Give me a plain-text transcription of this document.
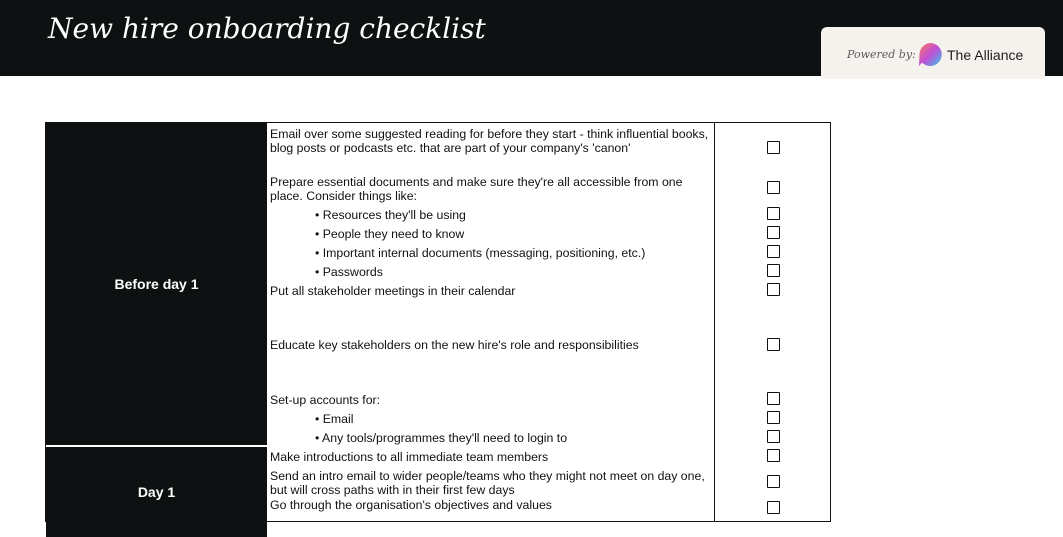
New hire onboarding checklist
Powered by: The Alliance
Before day 1
Day 1
Email over some suggested reading for before they start - think influential books, blog posts or podcasts etc. that are part of your company's 'canon'
Prepare essential documents and make sure they're all accessible from one place. Consider things like:
• Resources they'll be using
• People they need to know
• Important internal documents (messaging, positioning, etc.)
• Passwords
Put all stakeholder meetings in their calendar
Educate key stakeholders on the new hire's role and responsibilities
Set-up accounts for:
• Email
• Any tools/programmes they'll need to login to
Make introductions to all immediate team members
Send an intro email to wider people/teams who they might not meet on day one, but will cross paths with in their first few days
Go through the organisation's objectives and values
